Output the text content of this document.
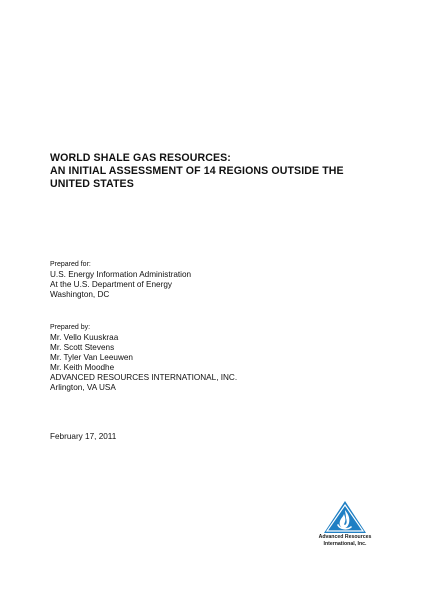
WORLD SHALE GAS RESOURCES:
AN INITIAL ASSESSMENT OF 14 REGIONS OUTSIDE THE
UNITED STATES
Prepared for:
U.S. Energy Information Administration
At the U.S. Department of Energy
Washington, DC
Prepared by:
Mr. Vello Kuuskraa
Mr. Scott Stevens
Mr. Tyler Van Leeuwen
Mr. Keith Moodhe
ADVANCED RESOURCES INTERNATIONAL, INC.
Arlington, VA USA
February 17, 2011
Advanced Resources
International, Inc.
